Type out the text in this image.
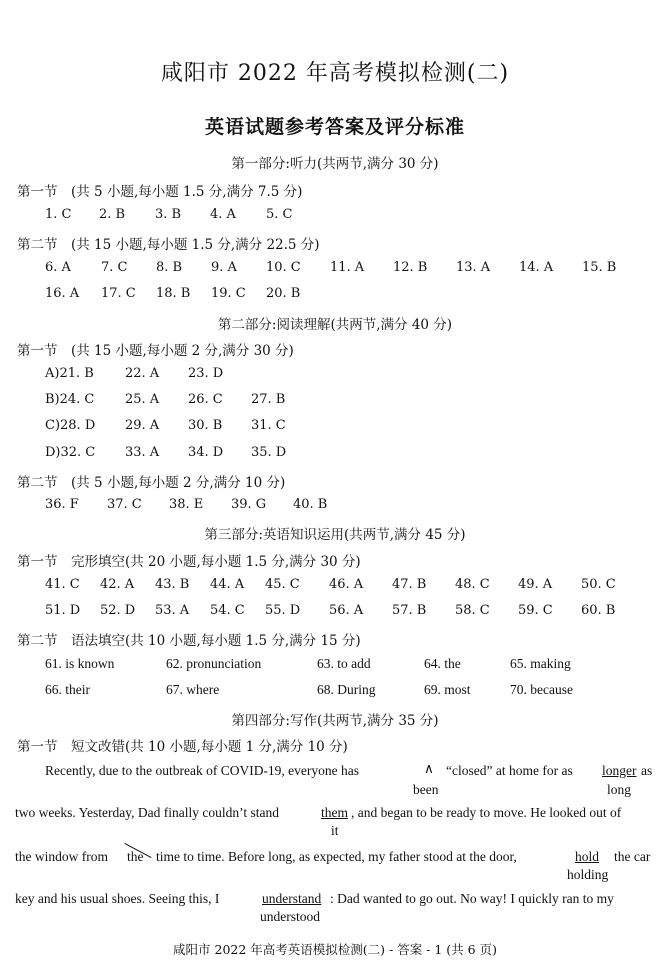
咸阳市 2022 年高考模拟检测(二)
英语试题参考答案及评分标准
第一部分:听力(共两节,满分 30 分)
第一节　(共 5 小题,每小题 1.5 分,满分 7.5 分)
1. C 2. B 3. B 4. A 5. C
第二节　(共 15 小题,每小题 1.5 分,满分 22.5 分)
6. A 7. C 8. B 9. A 10. C 11. A 12. B 13. A 14. A 15. B
16. A 17. C 18. B 19. C 20. B
第二部分:阅读理解(共两节,满分 40 分)
第一节　(共 15 小题,每小题 2 分,满分 30 分)
A)21. B 22. A 23. D
B)24. C 25. A 26. C 27. B
C)28. D 29. A 30. B 31. C
D)32. C 33. A 34. D 35. D
第二节　(共 5 小题,每小题 2 分,满分 10 分)
36. F 37. C 38. E 39. G 40. B
第三部分:英语知识运用(共两节,满分 45 分)
第一节　完形填空(共 20 小题,每小题 1.5 分,满分 30 分)
41. C 42. A 43. B 44. A 45. C 46. A 47. B 48. C 49. A 50. C
51. D 52. D 53. A 54. C 55. D 56. A 57. B 58. C 59. C 60. B
第二节　语法填空(共 10 小题,每小题 1.5 分,满分 15 分)
61. is known	62. pronunciation	63. to add	64. the	65. making
66. their	67. where	68. During	69. most	70. because
第四部分:写作(共两节,满分 35 分)
第一节　短文改错(共 10 小题,每小题 1 分,满分 10 分)
Recently, due to the outbreak of COVID-19, everyone has	∧ “closed” at home for as longer as
been	long
two weeks. Yesterday, Dad finally couldn’t stand	them , and began to be ready to move. He looked out of
it
the window from the time to time. Before long, as expected, my father stood at the door,	hold the car
holding
key and his usual shoes. Seeing this, I	understand : Dad wanted to go out. No way! I quickly ran to my
understood
咸阳市 2022 年高考英语模拟检测(二) - 答案 - 1 (共 6 页)
